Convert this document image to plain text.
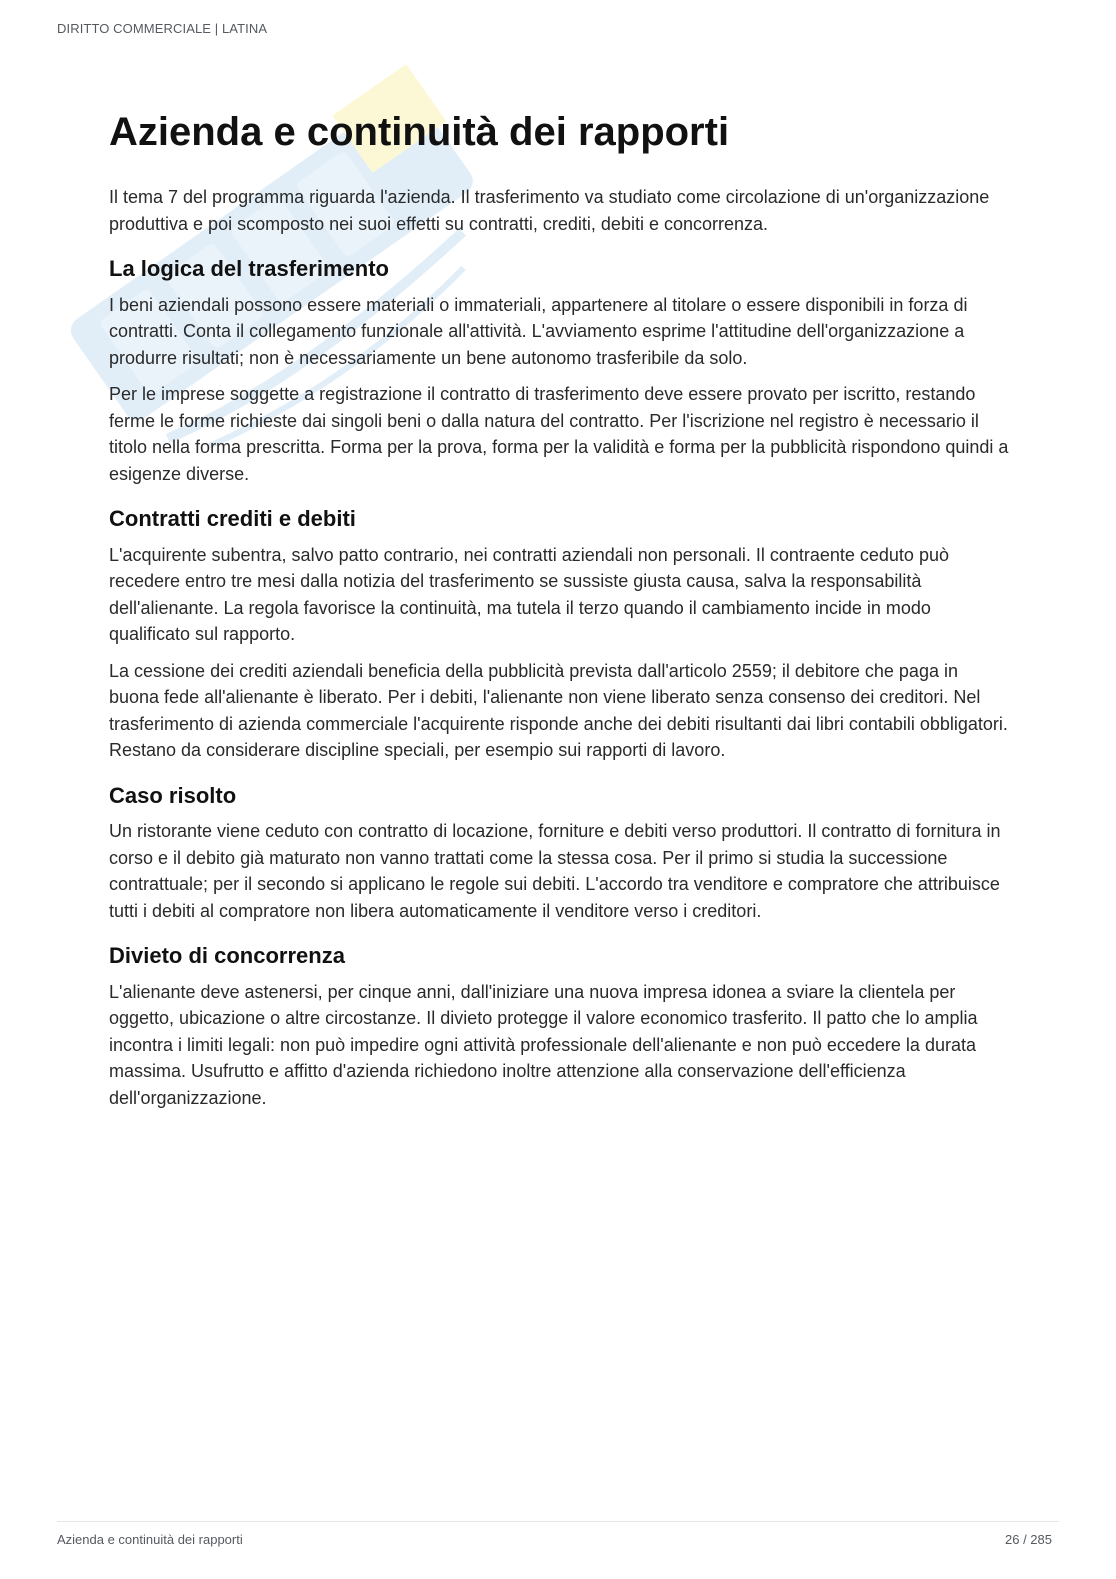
DIRITTO COMMERCIALE | LATINA
Azienda e continuità dei rapporti

Il tema 7 del programma riguarda l'azienda. Il trasferimento va studiato come circolazione di un'organizzazione produttiva e poi scomposto nei suoi effetti su contratti, crediti, debiti e concorrenza.

La logica del trasferimento

I beni aziendali possono essere materiali o immateriali, appartenere al titolare o essere disponibili in forza di contratti. Conta il collegamento funzionale all'attività. L'avviamento esprime l'attitudine dell'organizzazione a produrre risultati; non è necessariamente un bene autonomo trasferibile da solo.

Per le imprese soggette a registrazione il contratto di trasferimento deve essere provato per iscritto, restando ferme le forme richieste dai singoli beni o dalla natura del contratto. Per l'iscrizione nel registro è necessario il titolo nella forma prescritta. Forma per la prova, forma per la validità e forma per la pubblicità rispondono quindi a esigenze diverse.

Contratti crediti e debiti

L'acquirente subentra, salvo patto contrario, nei contratti aziendali non personali. Il contraente ceduto può recedere entro tre mesi dalla notizia del trasferimento se sussiste giusta causa, salva la responsabilità dell'alienante. La regola favorisce la continuità, ma tutela il terzo quando il cambiamento incide in modo qualificato sul rapporto.

La cessione dei crediti aziendali beneficia della pubblicità prevista dall'articolo 2559; il debitore che paga in buona fede all'alienante è liberato. Per i debiti, l'alienante non viene liberato senza consenso dei creditori. Nel trasferimento di azienda commerciale l'acquirente risponde anche dei debiti risultanti dai libri contabili obbligatori. Restano da considerare discipline speciali, per esempio sui rapporti di lavoro.

Caso risolto

Un ristorante viene ceduto con contratto di locazione, forniture e debiti verso produttori. Il contratto di fornitura in corso e il debito già maturato non vanno trattati come la stessa cosa. Per il primo si studia la successione contrattuale; per il secondo si applicano le regole sui debiti. L'accordo tra venditore e compratore che attribuisce tutti i debiti al compratore non libera automaticamente il venditore verso i creditori.

Divieto di concorrenza

L'alienante deve astenersi, per cinque anni, dall'iniziare una nuova impresa idonea a sviare la clientela per oggetto, ubicazione o altre circostanze. Il divieto protegge il valore economico trasferito. Il patto che lo amplia incontra i limiti legali: non può impedire ogni attività professionale dell'alienante e non può eccedere la durata massima. Usufrutto e affitto d'azienda richiedono inoltre attenzione alla conservazione dell'efficienza dell'organizzazione.

Azienda e continuità dei rapporti	26 / 285
